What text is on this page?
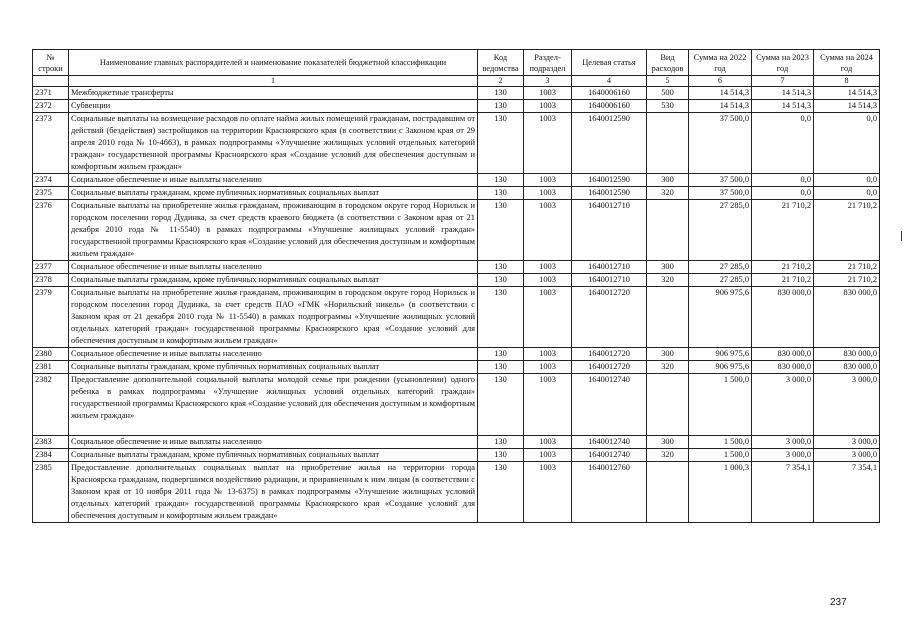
№ строки	Наименование главных распорядителей и наименование показателей бюджетной классификации	Код ведомства	Раздел-подраздел	Целевая статья	Вид расходов	Сумма на 2022 год	Сумма на 2023 год	Сумма на 2024 год
	1	2	3	4	5	6	7	8
2371	Межбюджетные трансферты	130	1003	1640006160	500	14 514,3	14 514,3	14 514,3
2372	Субвенции	130	1003	1640006160	530	14 514,3	14 514,3	14 514,3
2373	Социальные выплаты на возмещение расходов по оплате найма жилых помещений гражданам, пострадавшим от действий (бездействия) застройщиков на территории Красноярского края (в соответствии с Законом края от 29 апреля 2010 года № 10-4663), в рамках подпрограммы «Улучшение жилищных условий отдельных категорий граждан» государственной программы Красноярского края «Создание условий для обеспечения доступным и комфортным жильем граждан»	130	1003	1640012590		37 500,0	0,0	0,0
2374	Социальное обеспечение и иные выплаты населению	130	1003	1640012590	300	37 500,0	0,0	0,0
2375	Социальные выплаты гражданам, кроме публичных нормативных социальных выплат	130	1003	1640012590	320	37 500,0	0,0	0,0
2376	Социальные выплаты на приобретение жилья гражданам, проживающим в городском округе город Норильск и городском поселении город Дудинка, за счет средств краевого бюджета (в соответствии с Законом края от 21 декабря 2010 года № 11-5540) в рамках подпрограммы «Улучшение жилищных условий граждан» государственной программы Красноярского края «Создание условий для обеспечения доступным и комфортным жильем граждан»	130	1003	1640012710		27 285,0	21 710,2	21 710,2
2377	Социальное обеспечение и иные выплаты населению	130	1003	1640012710	300	27 285,0	21 710,2	21 710,2
2378	Социальные выплаты гражданам, кроме публичных нормативных социальных выплат	130	1003	1640012710	320	27 285,0	21 710,2	21 710,2
2379	Социальные выплаты на приобретение жилья гражданам, проживающим в городском округе город Норильск и городском поселении город Дудинка, за счет средств ПАО «ГМК «Норильский никель» (в соответствии с Законом края от 21 декабря 2010 года № 11-5540) в рамках подпрограммы «Улучшение жилищных условий отдельных категорий граждан» государственной программы Красноярского края «Создание условий для обеспечения доступным и комфортным жильем граждан»	130	1003	1640012720		906 975,6	830 000,0	830 000,0
2380	Социальное обеспечение и иные выплаты населению	130	1003	1640012720	300	906 975,6	830 000,0	830 000,0
2381	Социальные выплаты гражданам, кроме публичных нормативных социальных выплат	130	1003	1640012720	320	906 975,6	830 000,0	830 000,0
2382	Предоставление дополнительной социальной выплаты молодой семье при рождении (усыновлении) одного ребенка в рамках подпрограммы «Улучшение жилищных условий отдельных категорий граждан» государственной программы Красноярского края «Создание условий для обеспечения доступным и комфортным жильем граждан»	130	1003	1640012740		1 500,0	3 000,0	3 000,0
2383	Социальное обеспечение и иные выплаты населению	130	1003	1640012740	300	1 500,0	3 000,0	3 000,0
2384	Социальные выплаты гражданам, кроме публичных нормативных социальных выплат	130	1003	1640012740	320	1 500,0	3 000,0	3 000,0
2385	Предоставление дополнительных социальных выплат на приобретение жилья на территории города Красноярска гражданам, подвергшимся воздействию радиации, и приравненным к ним лицам (в соответствии с Законом края от 10 ноября 2011 года № 13-6375) в рамках подпрограммы «Улучшение жилищных условий отдельных категорий граждан» государственной программы Красноярского края «Создание условий для обеспечения доступным и комфортным жильем граждан»	130	1003	1640012760		1 000,3	7 354,1	7 354,1
237
